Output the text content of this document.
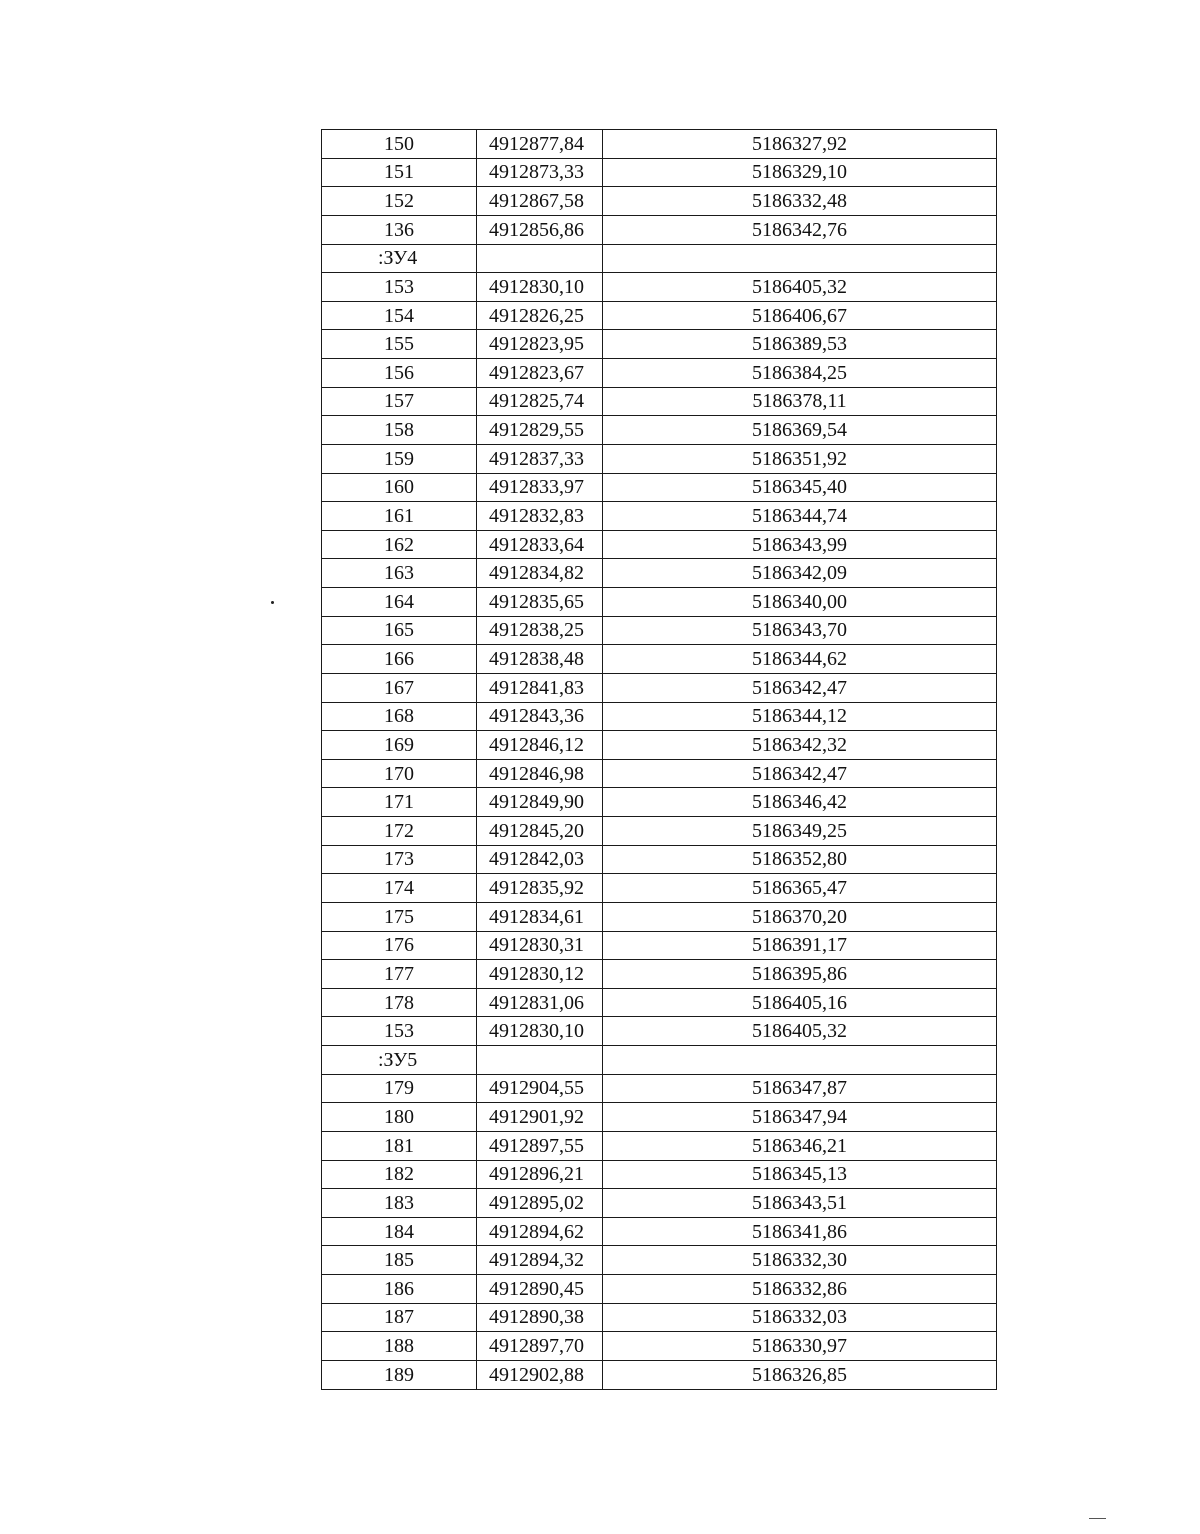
150	4912877,84	5186327,92
151	4912873,33	5186329,10
152	4912867,58	5186332,48
136	4912856,86	5186342,76
:ЗУ4		
153	4912830,10	5186405,32
154	4912826,25	5186406,67
155	4912823,95	5186389,53
156	4912823,67	5186384,25
157	4912825,74	5186378,11
158	4912829,55	5186369,54
159	4912837,33	5186351,92
160	4912833,97	5186345,40
161	4912832,83	5186344,74
162	4912833,64	5186343,99
163	4912834,82	5186342,09
164	4912835,65	5186340,00
165	4912838,25	5186343,70
166	4912838,48	5186344,62
167	4912841,83	5186342,47
168	4912843,36	5186344,12
169	4912846,12	5186342,32
170	4912846,98	5186342,47
171	4912849,90	5186346,42
172	4912845,20	5186349,25
173	4912842,03	5186352,80
174	4912835,92	5186365,47
175	4912834,61	5186370,20
176	4912830,31	5186391,17
177	4912830,12	5186395,86
178	4912831,06	5186405,16
153	4912830,10	5186405,32
:ЗУ5		
179	4912904,55	5186347,87
180	4912901,92	5186347,94
181	4912897,55	5186346,21
182	4912896,21	5186345,13
183	4912895,02	5186343,51
184	4912894,62	5186341,86
185	4912894,32	5186332,30
186	4912890,45	5186332,86
187	4912890,38	5186332,03
188	4912897,70	5186330,97
189	4912902,88	5186326,85
